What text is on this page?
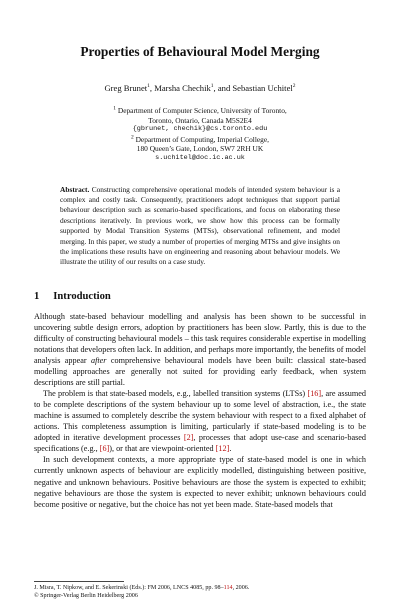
Properties of Behavioural Model Merging
Greg Brunet$^1$, Marsha Chechik$^1$, and Sebastian Uchitel$^2$
$^1$ Department of Computer Science, University of Toronto,
Toronto, Ontario, Canada M5S2E4
{gbrunet, chechik}@cs.toronto.edu
$^2$ Department of Computing, Imperial College,
180 Queen’s Gate, London, SW7 2RH UK
s.uchitel@doc.ic.ac.uk
Abstract. Constructing comprehensive operational models of intended system behaviour is a complex and costly task. Consequently, practitioners adopt techniques that support partial behaviour description such as scenario-based specifications, and focus on elaborating these descriptions iteratively. In previous work, we show how this process can be formally supported by Modal Transition Systems (MTSs), observational refinement, and model merging. In this paper, we study a number of properties of merging MTSs and give insights on the implications these results have on engineering and reasoning about behaviour models. We illustrate the utility of our results on a case study.
1 Introduction

Although state-based behaviour modelling and analysis has been shown to be successful in uncovering subtle design errors, adoption by practitioners has been slow. Partly, this is due to the difficulty of constructing behavioural models – this task requires considerable expertise in modelling notations that developers often lack. In addition, and perhaps more importantly, the benefits of model analysis appear after comprehensive behavioural models have been built: classical state-based modelling approaches are generally not suited for providing early feedback, when system descriptions are still partial.

The problem is that state-based models, e.g., labelled transition systems (LTSs) [16], are assumed to be complete descriptions of the system behaviour up to some level of abstraction, i.e., the state machine is assumed to completely describe the system behaviour with respect to a fixed alphabet of actions. This completeness assumption is limiting, particularly if state-based modeling is to be adopted in iterative development processes [2], processes that adopt use-case and scenario-based specifications (e.g., [6]), or that are viewpoint-oriented [12].

In such development contexts, a more appropriate type of state-based model is one in which currently unknown aspects of behaviour are explicitly modelled, distinguishing between positive, negative and unknown behaviours. Positive behaviours are those the system is expected to exhibit; negative behaviours are those the system is expected to never exhibit; unknown behaviours could become positive or negative, but the choice has not yet been made. State-based models that

J. Misra, T. Nipkow, and E. Sekerinski (Eds.): FM 2006, LNCS 4085, pp. 98–114, 2006.
© Springer-Verlag Berlin Heidelberg 2006
